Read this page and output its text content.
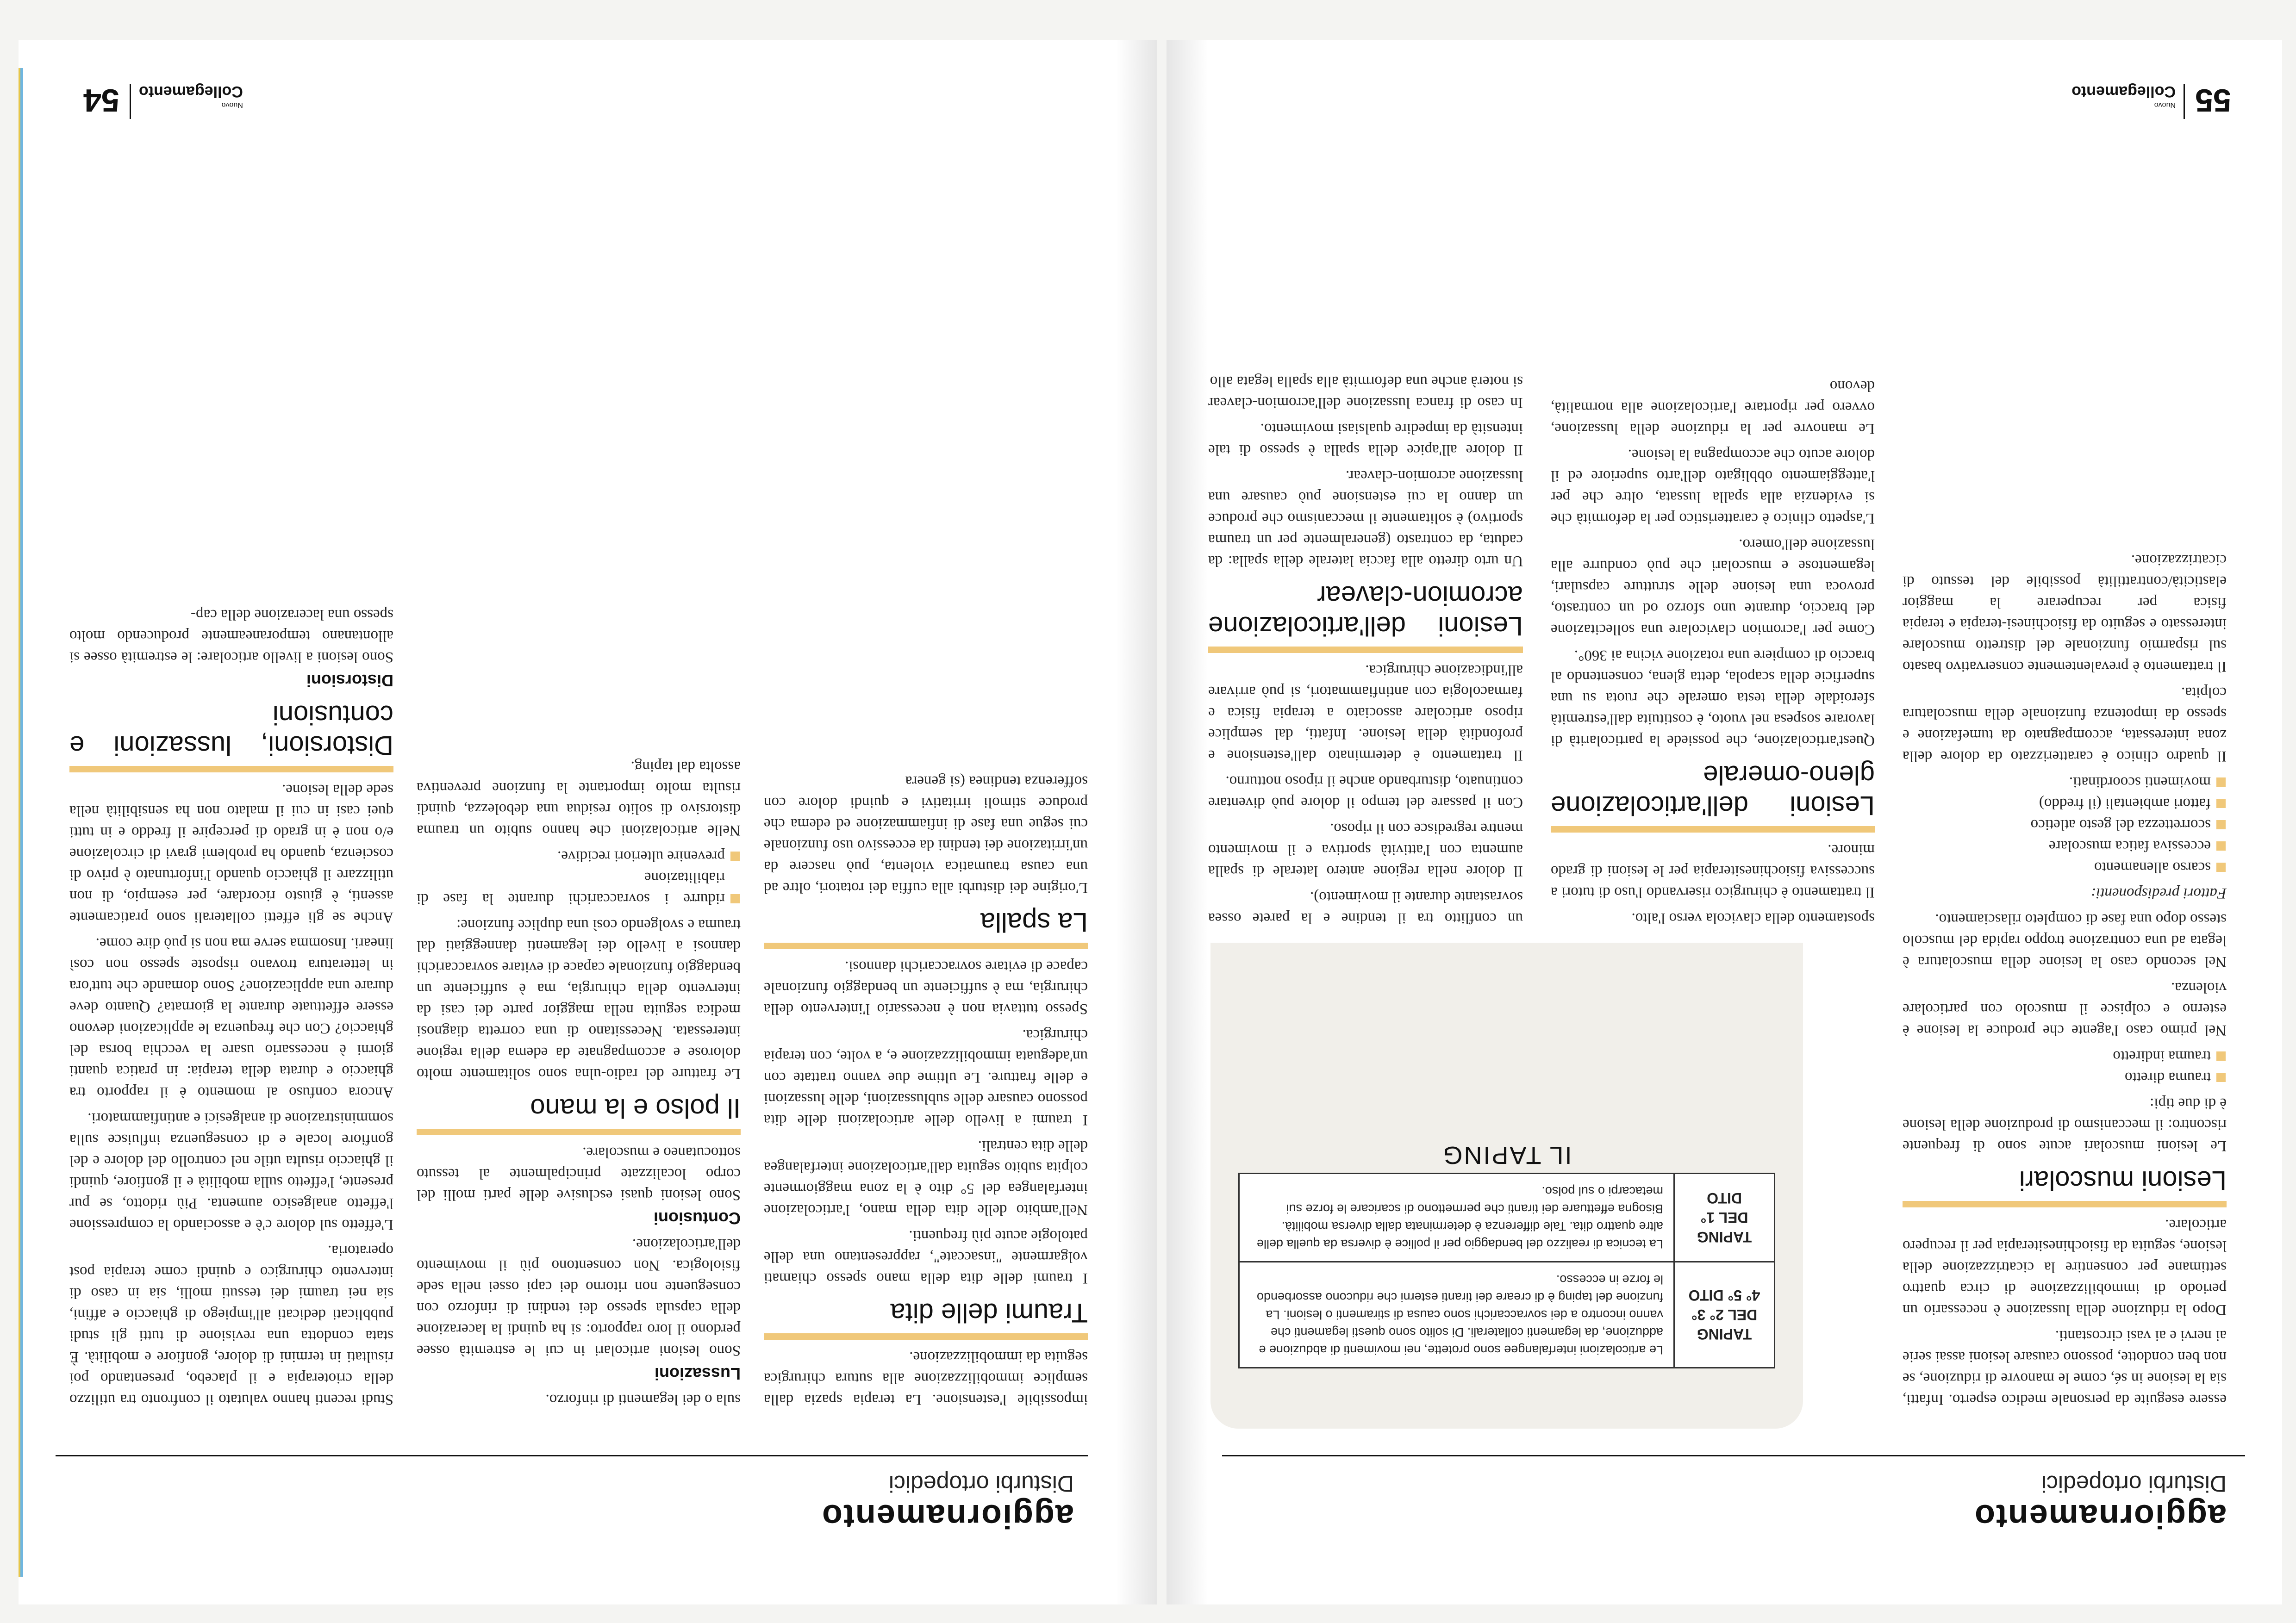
aggiornamento
Disturbi ortopedici

essere eseguite da personale medico esperto. Infatti, sia la lesione in sé, come le manovre di riduzione, se non ben condotte, possono causare lesioni assai serie ai nervi e ai vasi circostanti.

Dopo la riduzione della lussazione è necessario un periodo di immobilizzazione di circa quattro settimane per consentire la cicatrizzazione della lesione, seguita da fisiochinesiterapia per il recupero articolare.

Lesioni muscolari

Le lesioni muscolari acute sono di frequente riscontro: il meccanismo di produzione della lesione è di due tipi:

trauma diretto
trauma indiretto

Nel primo caso l'agente che produce la lesione è esterno e colpisce il muscolo con particolare violenza.

Nel secondo caso la lesione della muscolatura è legata ad una contrazione troppo rapida del muscolo stesso dopo una fase di completo rilasciamento.

Fattori predisponenti:

scarso allenamento
eccessiva fatica muscolare
scorrettezza del gesto atletico
fattori ambientali (il freddo)
movimenti scoordinati.

Il quadro clinico è caratterizzato da dolore della zona interessata, accompagnato da tumefazione e spesso da impotenza funzionale della muscolatura colpita.

Il trattamento è prevalentemente conservativo basato sul risparmio funzionale del distretto muscolare interessato e seguito da fisiochinesi-terapia e terapia fisica per recuperare la maggior elasticità/contrattilità possibile del tessuto di cicatrizzazione.

spostamento della clavicola verso l'alto.

Il trattamento è chirurgico riservando l'uso di tutori a successiva fisiochinesiterapia per le lesioni di grado minore.

Lesioni dell'articolazione gleno-omerale

Quest'articolazione, che possiede la particolarità di lavorare sospesa nel vuoto, è costituita dall'estremità sferoidale della testa omerale che ruota su una superficie della scapola, detta glena, consentendo al braccio di compiere una rotazione vicina ai 360°.

Come per l'acromion clavicolare una sollecitazione del braccio, durante uno sforzo od un contrasto, provoca una lesione delle strutture capsulari, legamentose e muscolari che può condurre alla lussazione dell'omero.

L'aspetto clinico è caratteristico per la deformità che si evidenzia alla spalla lussata, oltre che per l'atteggiamento obbligato dell'arto superiore ed il dolore acuto che accompagna la lesione.

Le manovre per la riduzione della lussazione, ovvero per riportare l'articolazione alla normalità, devono

un conflitto tra il tendine e la parete ossea sovrastante durante il movimento).

Il dolore nella regione antero laterale di spalla aumenta con l'attività sportiva e il movimento mentre regredisce con il riposo.

Con il passare del tempo il dolore può diventare continuato, disturbando anche il riposo notturno.

Il trattamento è determinato dall'estensione e profondità della lesione. Infatti, dal semplice riposo articolare associato a terapia fisica e farmacologia con antinfiammatori, si può arrivare all'indicazione chirurgica.

Lesioni dell'articolazione acromion-clavear

Un urto diretto alla faccia laterale della spalla: da caduta, da contrasto (generalmente per un trauma sportivo) è solitamente il meccanismo che produce un danno la cui estensione può causare una lussazione acromion-clavear.

Il dolore all'apice della spalla è spesso di tale intensità da impedire qualsiasi movimento.

In caso di franca lussazione dell'acromion-clavear si noterà anche una deformità alla spalla legata allo

IL TAPING
TAPING DEL 2° 3° 4° 5° DITO	Le articolazioni interfalangee sono protette, nei movimenti di abduzione e adduzione, da legamenti collaterali. Di solito sono questi legamenti che vanno incontro a dei sovraccarichi sono causa di stiramenti o lesioni. La funzione del taping è di creare dei tiranti esterni che riducono assorbendo le forze in eccesso.
TAPING DEL 1° DITO	La tecnica di realizzo del bendaggio per il pollice è diversa da quella delle altre quattro dita. Tale differenza è determinata dalla diversa mobilità. Bisogna effettuare dei tiranti che permettono di scaricare le forze sui metacarpi o sul polso.
55
Nuovo
Collegamento
aggiornamento
Disturbi ortopedici

impossibile l'estensione. La terapia spazia dalla semplice immobilizzazione alla sutura chirurgica seguita da immobilizzazione.

Traumi delle dita

I traumi delle dita della mano spesso chiamati volgarmente "insaccate", rappresentano una delle patologie acute più frequenti.

Nell'ambito delle dita della mano, l'articolazione interfalangea del 5° dito è la zona maggiormente colpita subito seguita dall'articolazione interfalangea delle dita centrali.

I traumi a livello delle articolazioni delle dita possono causare delle sublussazioni, delle lussazioni e delle fratture. Le ultime due vanno trattate con un'adeguata immobilizzazione e, a volte, con terapia chirurgica.

Spesso tuttavia non è necessario l'intervento della chirurgia, ma è sufficiente un bendaggio funzionale capace di evitare sovraccarichi dannosi.

La spalla

L'origine dei disturbi alla cuffia dei rotatori, oltre ad una causa traumatica violenta, può nascere da un'irritazione dei tendini da eccessivo uso funzionale cui segue una fase di infiammazione ed edema che produce stimoli irritativi e quindi dolore con sofferenza tendinea (si genera

sula o dei legamenti di rinforzo.

Lussazioni

Sono lesioni articolari in cui le estremità ossee perdono il loro rapporto: si ha quindi la lacerazione della capsula spesso dei tendini di rinforzo con conseguente non ritorno dei capi ossei nella sede fisiologica. Non consentono più il movimento dell'articolazione.

Contusioni

Sono lesioni quasi esclusive delle parti molli del corpo localizzate principalmente al tessuto sottocutaneo e muscolare.

Il polso e la mano

Le fratture del radio-ulna sono solitamente molto dolorose e accompagnate da edema della regione interessata. Necessitano di una corretta diagnosi medica seguita nella maggior parte dei casi da intervento della chirurgia, ma è sufficiente un bendaggio funzionale capace di evitare sovraccarichi dannosi a livello dei legamenti danneggiati dal trauma e svolgendo così una duplice funzione:

ridurre i sovraccarichi durante la fase di riabilitazione
prevenire ulteriori recidive.

Nelle articolazioni che hanno subito un trauma distorsivo di solito residua una debolezza, quindi risulta molto importante la funzione preventiva assolta dal taping.

Studi recenti hanno valutato il confronto tra utilizzo della crioterapia e il placebo, presentando poi risultati in termini di dolore, gonfiore e mobilità. È stata condotta una revisione di tutti gli studi pubblicati dedicati all'impiego di ghiaccio e affini, sia nei traumi dei tessuti molli, sia in caso di intervento chirurgico e quindi come terapia post operatoria.

L'effetto sul dolore c'è e associando la compressione l'effetto analgesico aumenta. Più ridotto, se pur presente, l'effetto sulla mobilità e il gonfiore, quindi il ghiaccio risulta utile nel controllo del dolore e del gonfiore locale e di conseguenza influisce sulla somministrazione di analgesici e antinfiammatori.

Ancora confuso al momento è il rapporto tra ghiaccio e durata della terapia: in pratica quanti giorni è necessario usare la vecchia borsa del ghiaccio? Con che frequenza le applicazioni devono essere effettuate durante la giornata? Quanto deve durare una applicazione? Sono domande che tutt'ora in letteratura trovano risposte spesso non così lineari. Insomma serve ma non si può dire come.

Anche se gli effetti collaterali sono praticamente assenti, è giusto ricordare, per esempio, di non utilizzare il ghiaccio quando l'infortunato è privo di coscienza, quando ha problemi gravi di circolazione e/o non è in grado di percepire il freddo e in tutti quei casi in cui il malato non ha sensibilità nella sede della lesione.

Distorsioni, lussazioni e contusioni
Distorsioni

Sono lesioni a livello articolare: le estremità ossee si allontanano temporaneamente producendo molto spesso una lacerazione della cap-

Nuovo
Collegamento
54
